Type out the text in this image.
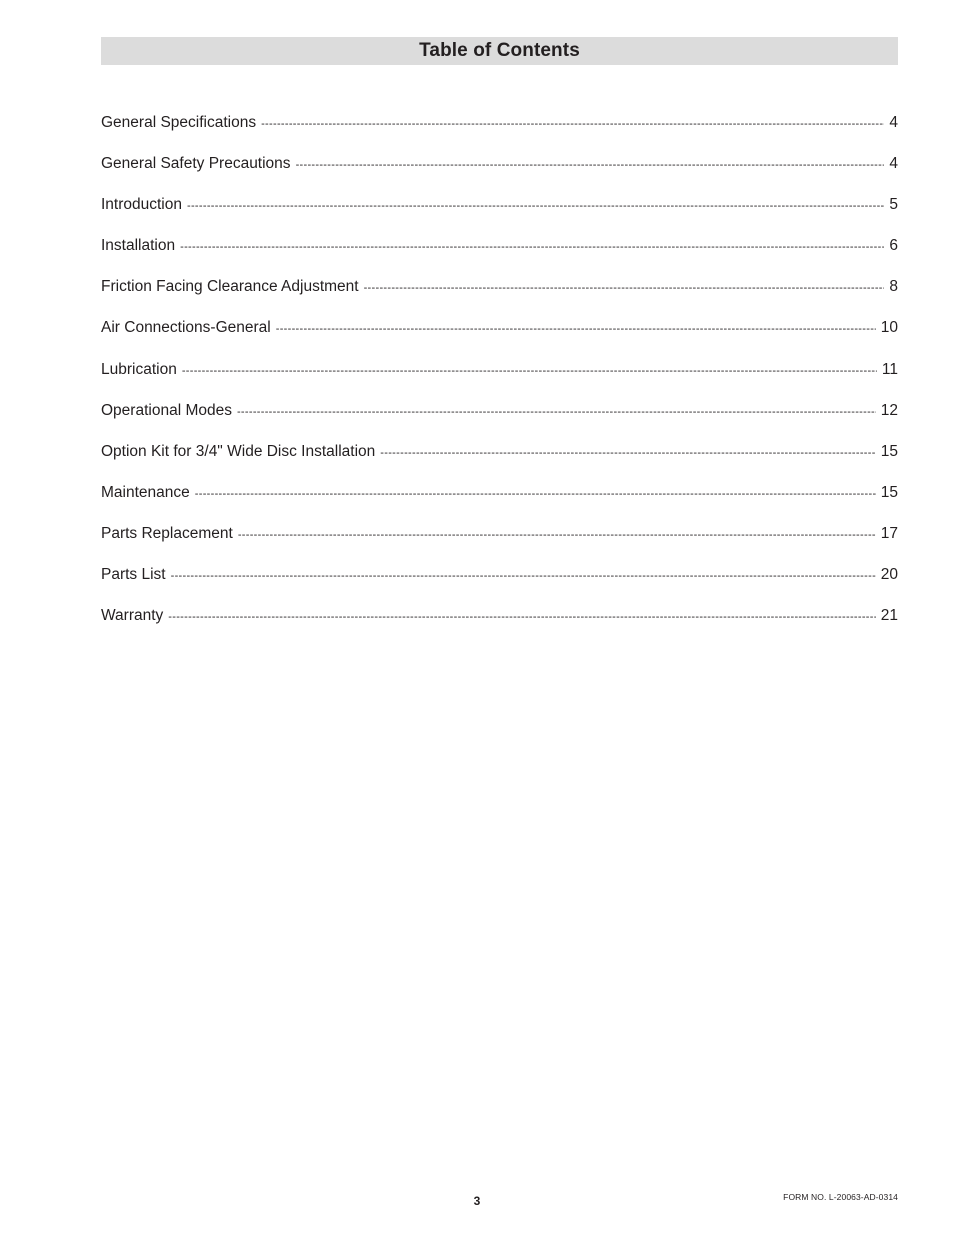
Table of Contents
General Specifications -----	4
General Safety Precautions -----	4
Introduction -----	5
Installation -----	6
Friction Facing Clearance Adjustment -----	8
Air Connections-General -----	10
Lubrication -----	11
Operational Modes -----	12
Option Kit for 3/4" Wide Disc Installation -----	15
Maintenance -----	15
Parts Replacement -----	17
Parts List -----	20
Warranty -----	21
3	FORM NO. L-20063-AD-0314
